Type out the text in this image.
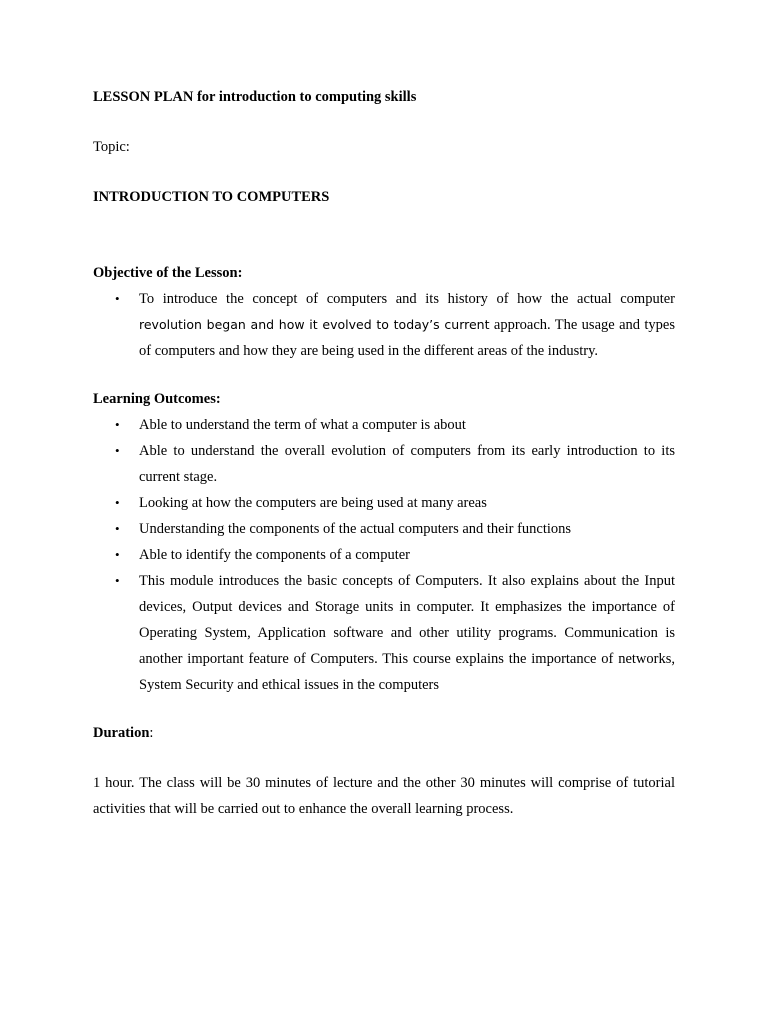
LESSON PLAN for introduction to computing skills

Topic:

INTRODUCTION TO COMPUTERS

Objective of the Lesson:

• To introduce the concept of computers and its history of how the actual computer revolution began and how it evolved to today’s current approach. The usage and types of computers and how they are being used in the different areas of the industry.

Learning Outcomes:

• Able to understand the term of what a computer is about
• Able to understand the overall evolution of computers from its early introduction to its current stage.
• Looking at how the computers are being used at many areas
• Understanding the components of the actual computers and their functions
• Able to identify the components of a computer
• This module introduces the basic concepts of Computers. It also explains about the Input devices, Output devices and Storage units in computer. It emphasizes the importance of Operating System, Application software and other utility programs. Communication is another important feature of Computers. This course explains the importance of networks, System Security and ethical issues in the computers

Duration:

1 hour. The class will be 30 minutes of lecture and the other 30 minutes will comprise of tutorial activities that will be carried out to enhance the overall learning process.
